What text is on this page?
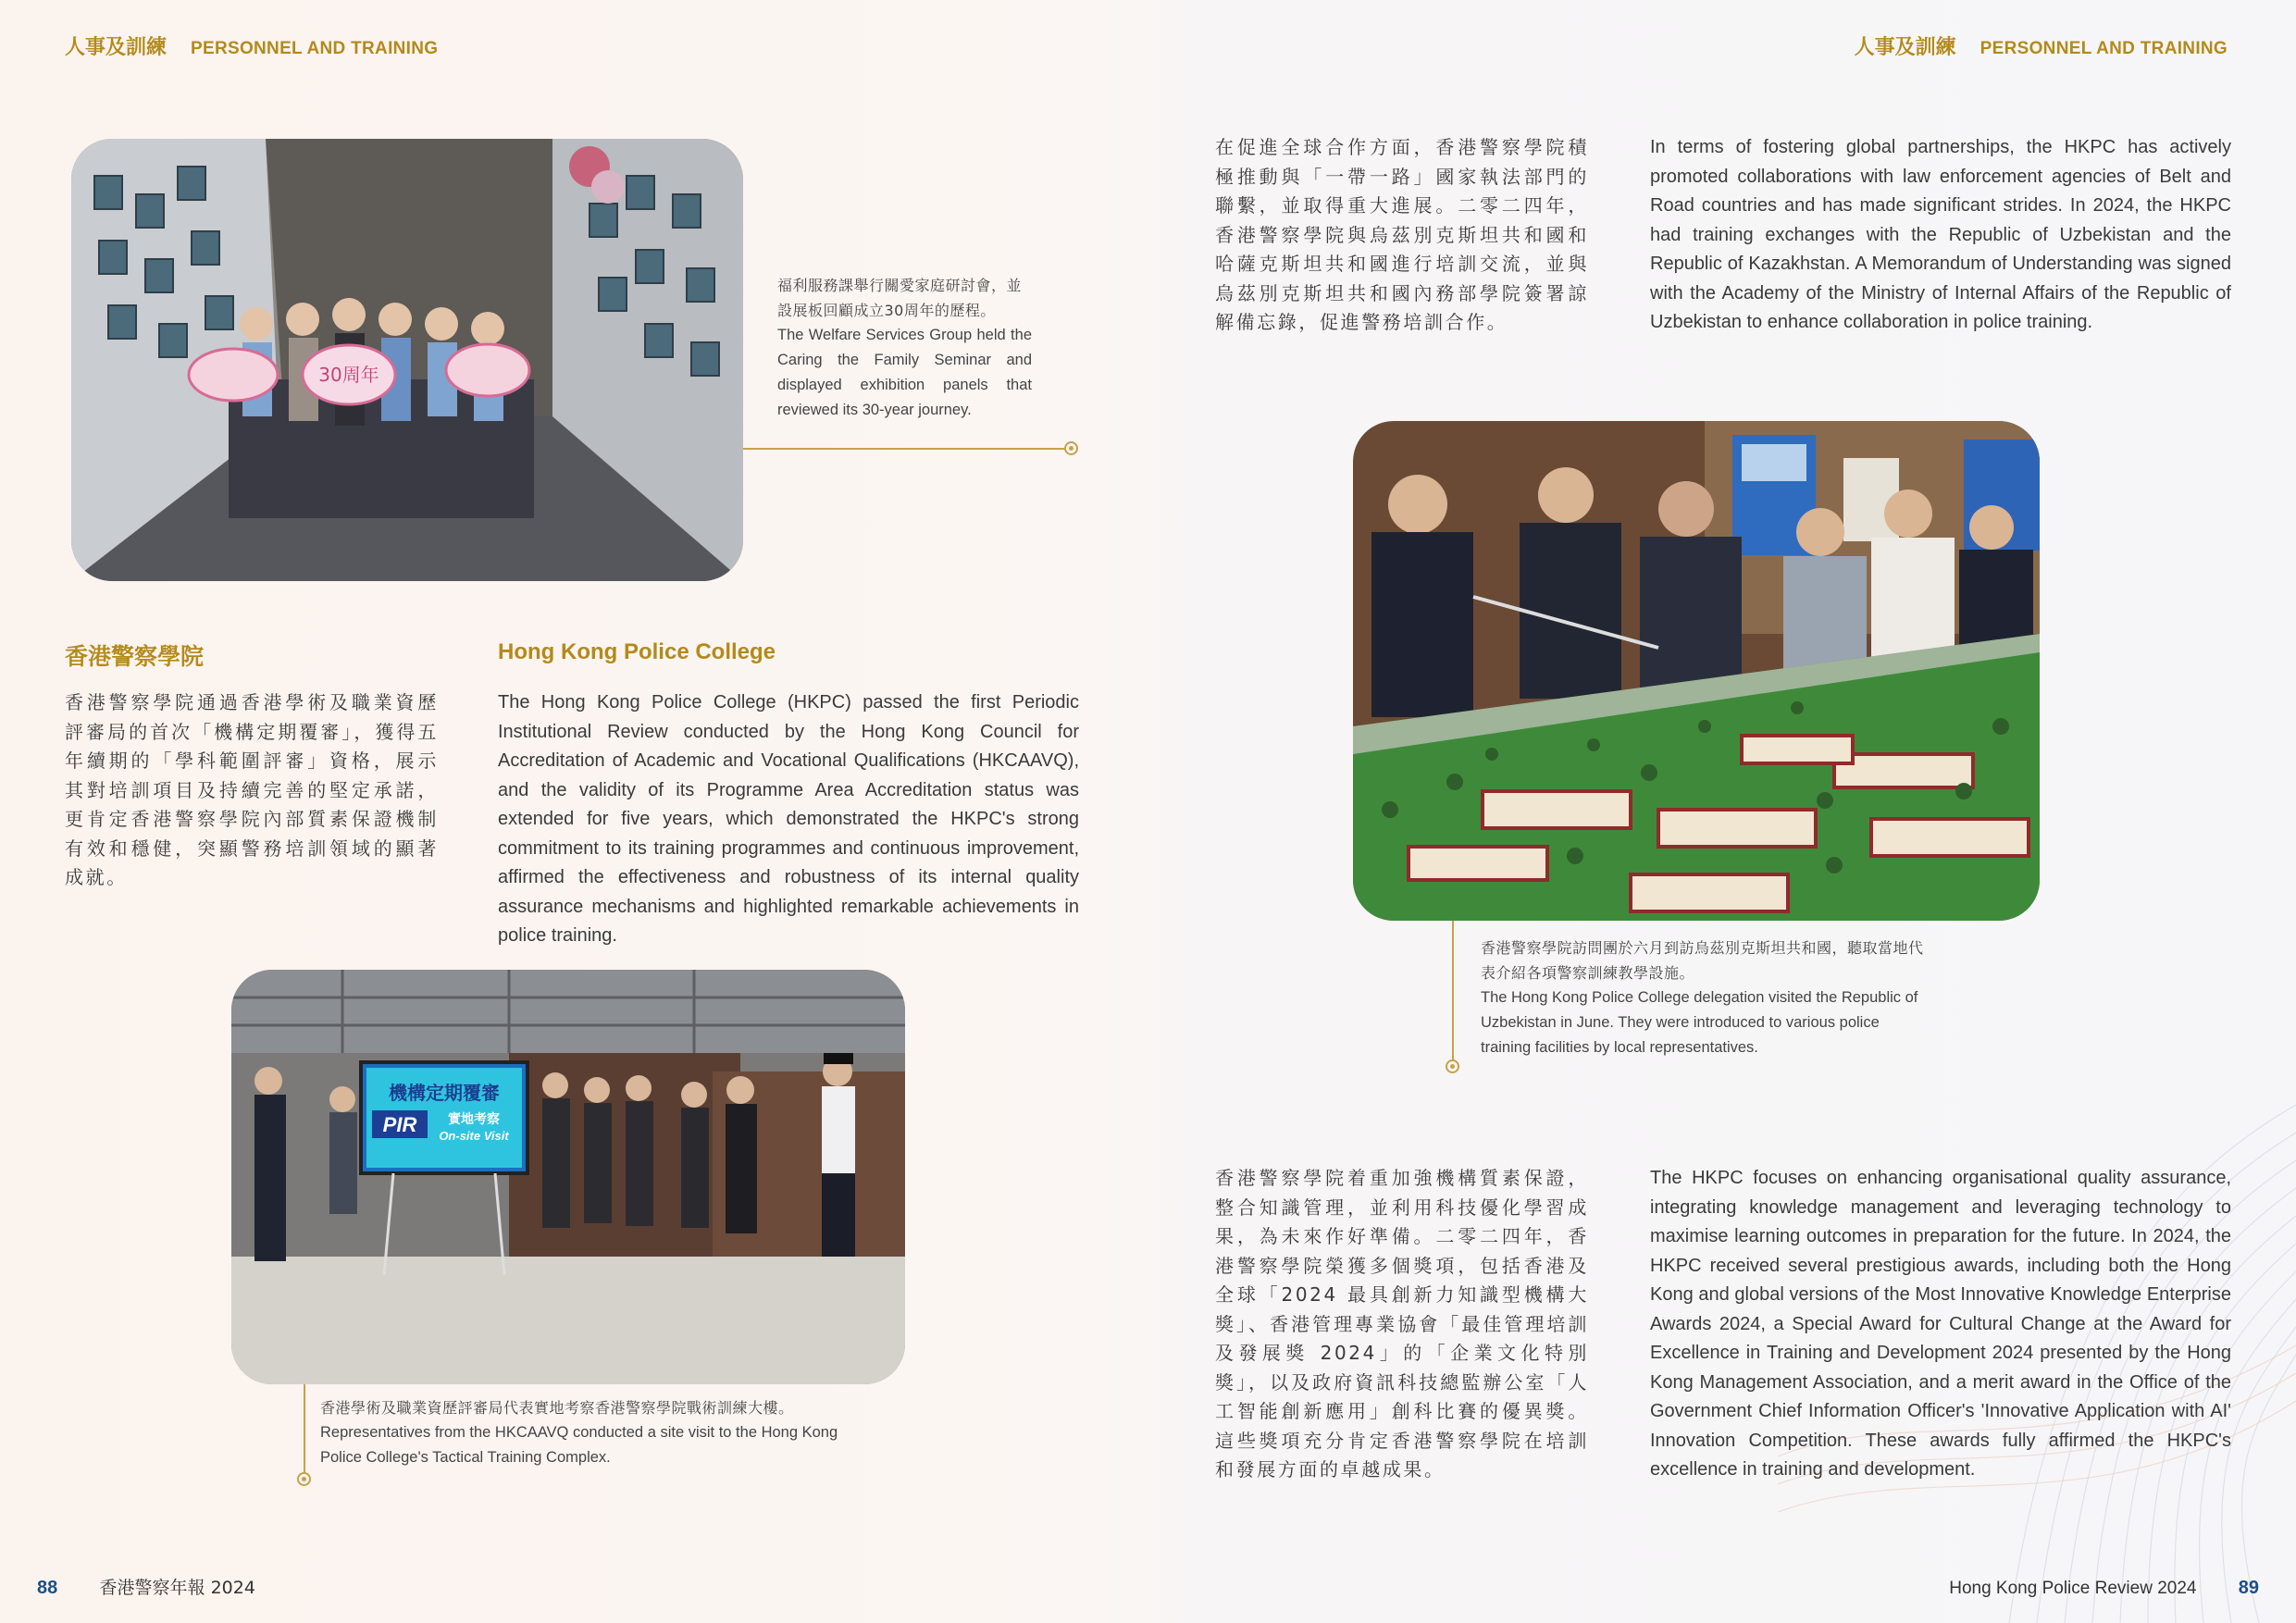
人事及訓練 PERSONNEL AND TRAINING	人事及訓練 PERSONNEL AND TRAINING
30周年
福利服務課舉行關愛家庭研討會，並設展板回顧成立30周年的歷程。
The Welfare Services Group held the Caring the Family Seminar and displayed exhibition panels that reviewed its 30-year journey.
香港警察學院	Hong Kong Police College
香港警察學院通過香港學術及職業資歷評審局的首次「機構定期覆審」，獲得五年續期的「學科範圍評審」資格，展示其對培訓項目及持續完善的堅定承諾，更肯定香港警察學院內部質素保證機制有效和穩健，突顯警務培訓領域的顯著成就。
The Hong Kong Police College (HKPC) passed the first Periodic Institutional Review conducted by the Hong Kong Council for Accreditation of Academic and Vocational Qualifications (HKCAAVQ), and the validity of its Programme Area Accreditation status was extended for five years, which demonstrated the HKPC's strong commitment to its training programmes and continuous improvement, affirmed the effectiveness and robustness of its internal quality assurance mechanisms and highlighted remarkable achievements in police training.
機構定期覆審
PIR 實地考察
On-site Visit
香港學術及職業資歷評審局代表實地考察香港警察學院戰術訓練大樓。
Representatives from the HKCAAVQ conducted a site visit to the Hong Kong Police College's Tactical Training Complex.
在促進全球合作方面，香港警察學院積極推動與「一帶一路」國家執法部門的聯繫，並取得重大進展。二零二四年，香港警察學院與烏茲別克斯坦共和國和哈薩克斯坦共和國進行培訓交流，並與烏茲別克斯坦共和國內務部學院簽署諒解備忘錄，促進警務培訓合作。
In terms of fostering global partnerships, the HKPC has actively promoted collaborations with law enforcement agencies of Belt and Road countries and has made significant strides. In 2024, the HKPC had training exchanges with the Republic of Uzbekistan and the Republic of Kazakhstan. A Memorandum of Understanding was signed with the Academy of the Ministry of Internal Affairs of the Republic of Uzbekistan to enhance collaboration in police training.
香港警察學院訪問團於六月到訪烏茲別克斯坦共和國，聽取當地代表介紹各項警察訓練教學設施。
The Hong Kong Police College delegation visited the Republic of Uzbekistan in June. They were introduced to various police training facilities by local representatives.
香港警察學院着重加強機構質素保證，整合知識管理，並利用科技優化學習成果，為未來作好準備。二零二四年，香港警察學院榮獲多個獎項，包括香港及全球「2024 最具創新力知識型機構大獎」、香港管理專業協會「最佳管理培訓及發展獎 2024」的「企業文化特別獎」，以及政府資訊科技總監辦公室「人工智能創新應用」創科比賽的優異獎。這些獎項充分肯定香港警察學院在培訓和發展方面的卓越成果。
The HKPC focuses on enhancing organisational quality assurance, integrating knowledge management and leveraging technology to maximise learning outcomes in preparation for the future. In 2024, the HKPC received several prestigious awards, including both the Hong Kong and global versions of the Most Innovative Knowledge Enterprise Awards 2024, a Special Award for Cultural Change at the Award for Excellence in Training and Development 2024 presented by the Hong Kong Management Association, and a merit award in the Office of the Government Chief Information Officer's 'Innovative Application with AI' Innovation Competition. These awards fully affirmed the HKPC's excellence in training and development.
88 香港警察年報 2024	Hong Kong Police Review 2024 89
